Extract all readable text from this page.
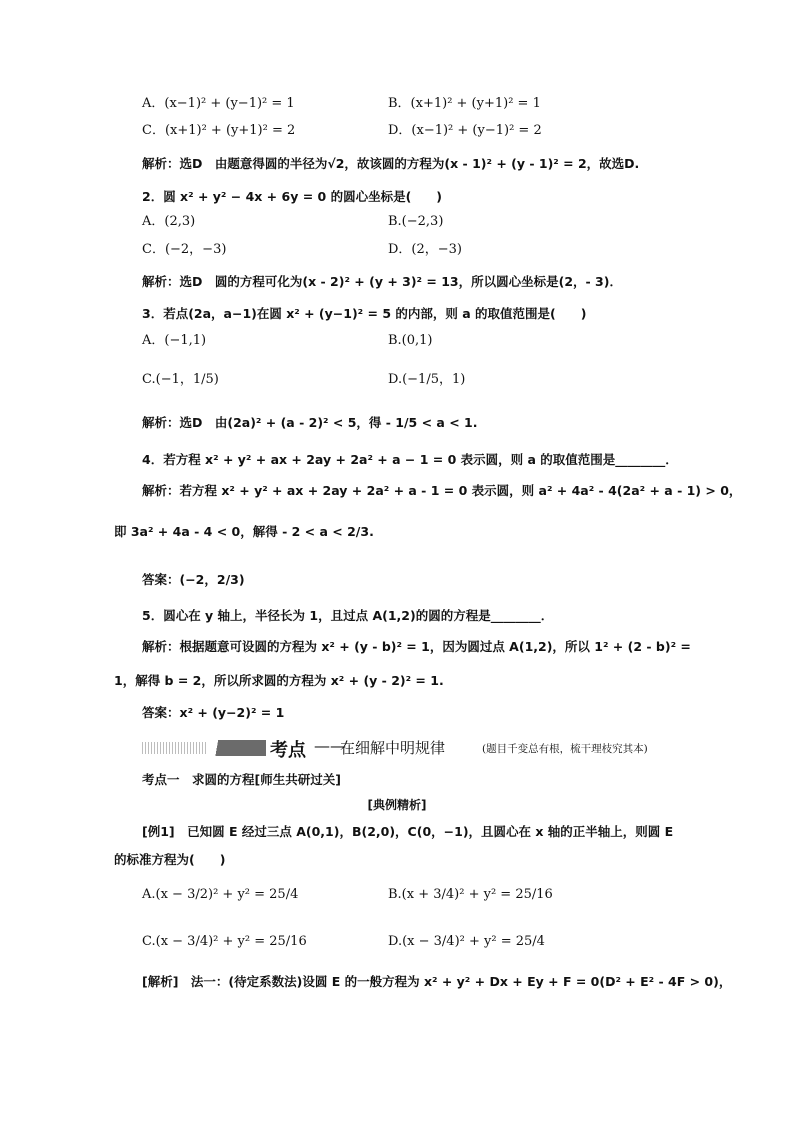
A．(x−1)² + (y−1)² = 1	B．(x+1)² + (y+1)² = 1
C．(x+1)² + (y+1)² = 2	D．(x−1)² + (y−1)² = 2
解析：选D　由题意得圆的半径为√2，故该圆的方程为(x - 1)² + (y - 1)² = 2，故选D.
2．圆 x² + y² − 4x + 6y = 0 的圆心坐标是(　　)
A．(2,3)	B.(−2,3)
C．(−2，−3)	D．(2，−3)
解析：选D　圆的方程可化为(x - 2)² + (y + 3)² = 13，所以圆心坐标是(2，- 3)．
3．若点(2a，a−1)在圆 x² + (y−1)² = 5 的内部，则 a 的取值范围是(　　)
A．(−1,1)	B.(0,1)
C.(−1，1/5)	D.(−1/5，1)
解析：选D　由(2a)² + (a - 2)² < 5，得 - 1/5 < a < 1.
4．若方程 x² + y² + ax + 2ay + 2a² + a − 1 = 0 表示圆，则 a 的取值范围是________．
解析：若方程 x² + y² + ax + 2ay + 2a² + a - 1 = 0 表示圆，则 a² + 4a² - 4(2a² + a - 1) > 0，
即 3a² + 4a - 4 < 0，解得 - 2 < a < 2/3.
答案：(−2，2/3)
5．圆心在 y 轴上，半径长为 1，且过点 A(1,2)的圆的方程是________．
解析：根据题意可设圆的方程为 x² + (y - b)² = 1，因为圆过点 A(1,2)，所以 1² + (2 - b)² =
1，解得 b = 2，所以所求圆的方程为 x² + (y - 2)² = 1.
答案：x² + (y−2)² = 1
考点 ——
在细解中明规律	(题目千变总有根，梳干理枝究其本)
考点一　求圆的方程[师生共研过关]
[典例精析]
[例1]　已知圆 E 经过三点 A(0,1)，B(2,0)，C(0，−1)，且圆心在 x 轴的正半轴上，则圆 E
的标准方程为(　　)
A.(x − 3/2)² + y² = 25/4	B.(x + 3/4)² + y² = 25/16
C.(x − 3/4)² + y² = 25/16	D.(x − 3/4)² + y² = 25/4
[解析]　法一：(待定系数法)设圆 E 的一般方程为 x² + y² + Dx + Ey + F = 0(D² + E² - 4F > 0)，
